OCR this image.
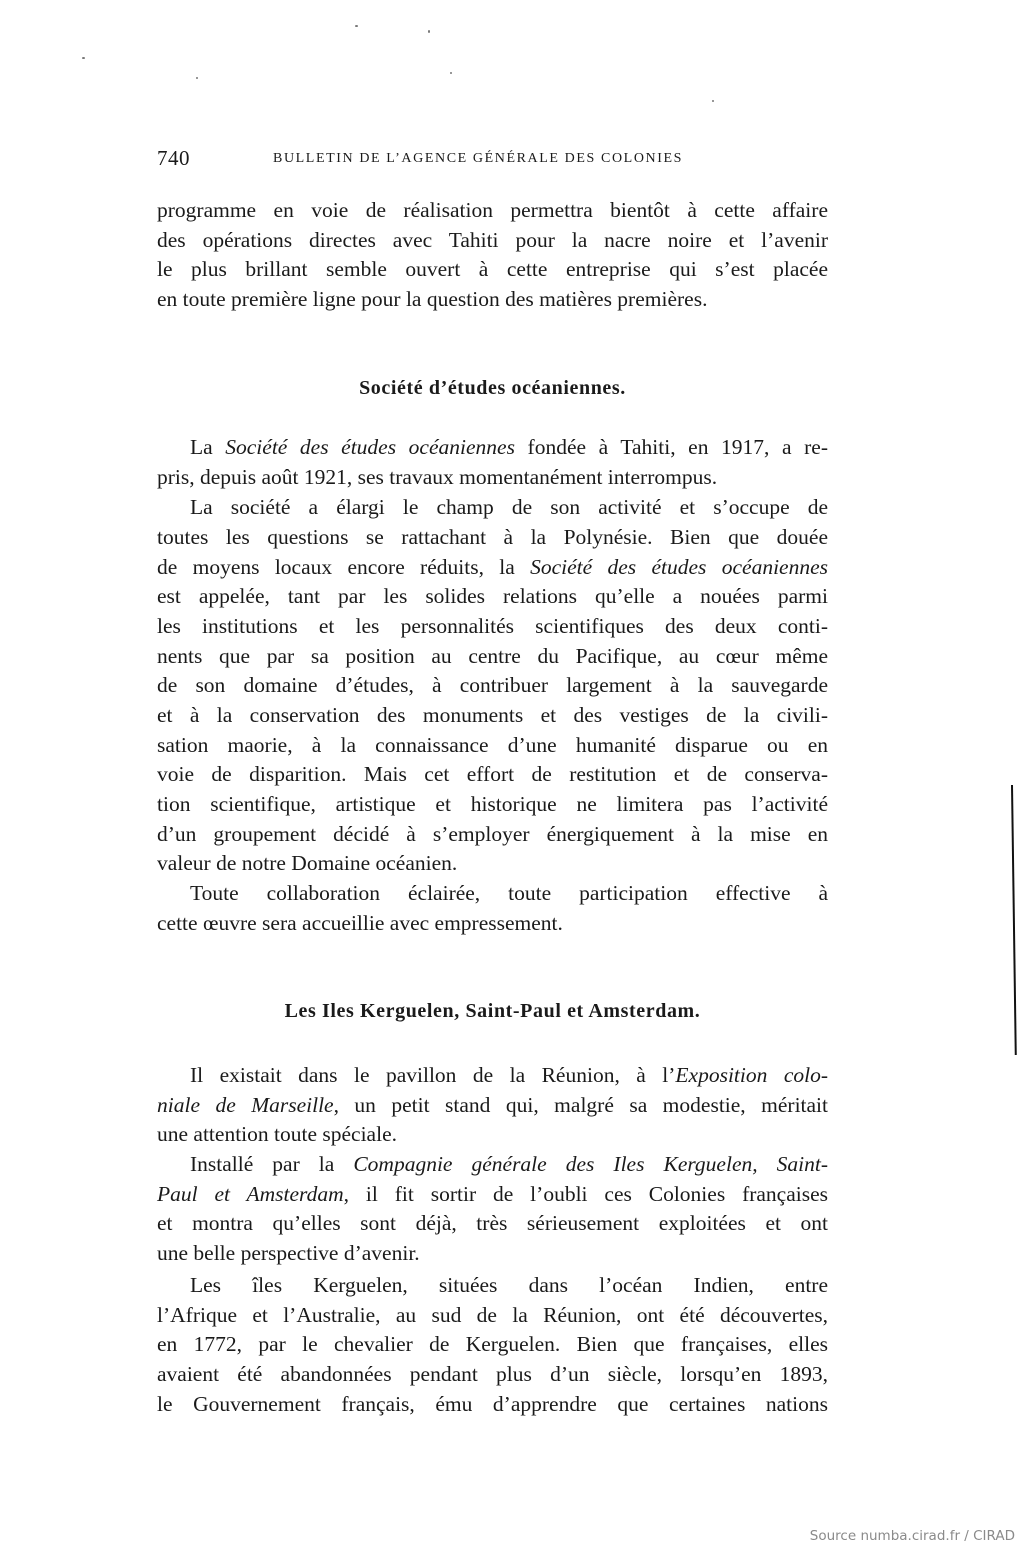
740	BULLETIN DE L’AGENCE GÉNÉRALE DES COLONIES
programme en voie de réalisation permettra bientôt à cette affaire
des opérations directes avec Tahiti pour la nacre noire et l’avenir
le plus brillant semble ouvert à cette entreprise qui s’est placée
en toute première ligne pour la question des matières premières.
Société d’études océaniennes.
La Société des études océaniennes fondée à Tahiti, en 1917, a re-
pris, depuis août 1921, ses travaux momentanément interrompus.
La société a élargi le champ de son activité et s’occupe de
toutes les questions se rattachant à la Polynésie. Bien que douée
de moyens locaux encore réduits, la Société des études océaniennes
est appelée, tant par les solides relations qu’elle a nouées parmi
les institutions et les personnalités scientifiques des deux conti-
nents que par sa position au centre du Pacifique, au cœur même
de son domaine d’études, à contribuer largement à la sauvegarde
et à la conservation des monuments et des vestiges de la civili-
sation maorie, à la connaissance d’une humanité disparue ou en
voie de disparition. Mais cet effort de restitution et de conserva-
tion scientifique, artistique et historique ne limitera pas l’activité
d’un groupement décidé à s’employer énergiquement à la mise en
valeur de notre Domaine océanien.
Toute collaboration éclairée, toute participation effective à
cette œuvre sera accueillie avec empressement.
Les Iles Kerguelen, Saint-Paul et Amsterdam.
Il existait dans le pavillon de la Réunion, à l’Exposition colo-
niale de Marseille, un petit stand qui, malgré sa modestie, méritait
une attention toute spéciale.
Installé par la Compagnie générale des Iles Kerguelen, Saint-
Paul et Amsterdam, il fit sortir de l’oubli ces Colonies françaises
et montra qu’elles sont déjà, très sérieusement exploitées et ont
une belle perspective d’avenir.
Les îles Kerguelen, situées dans l’océan Indien, entre
l’Afrique et l’Australie, au sud de la Réunion, ont été découvertes,
en 1772, par le chevalier de Kerguelen. Bien que françaises, elles
avaient été abandonnées pendant plus d’un siècle, lorsqu’en 1893,
le Gouvernement français, ému d’apprendre que certaines nations
Source numba.cirad.fr / CIRAD
